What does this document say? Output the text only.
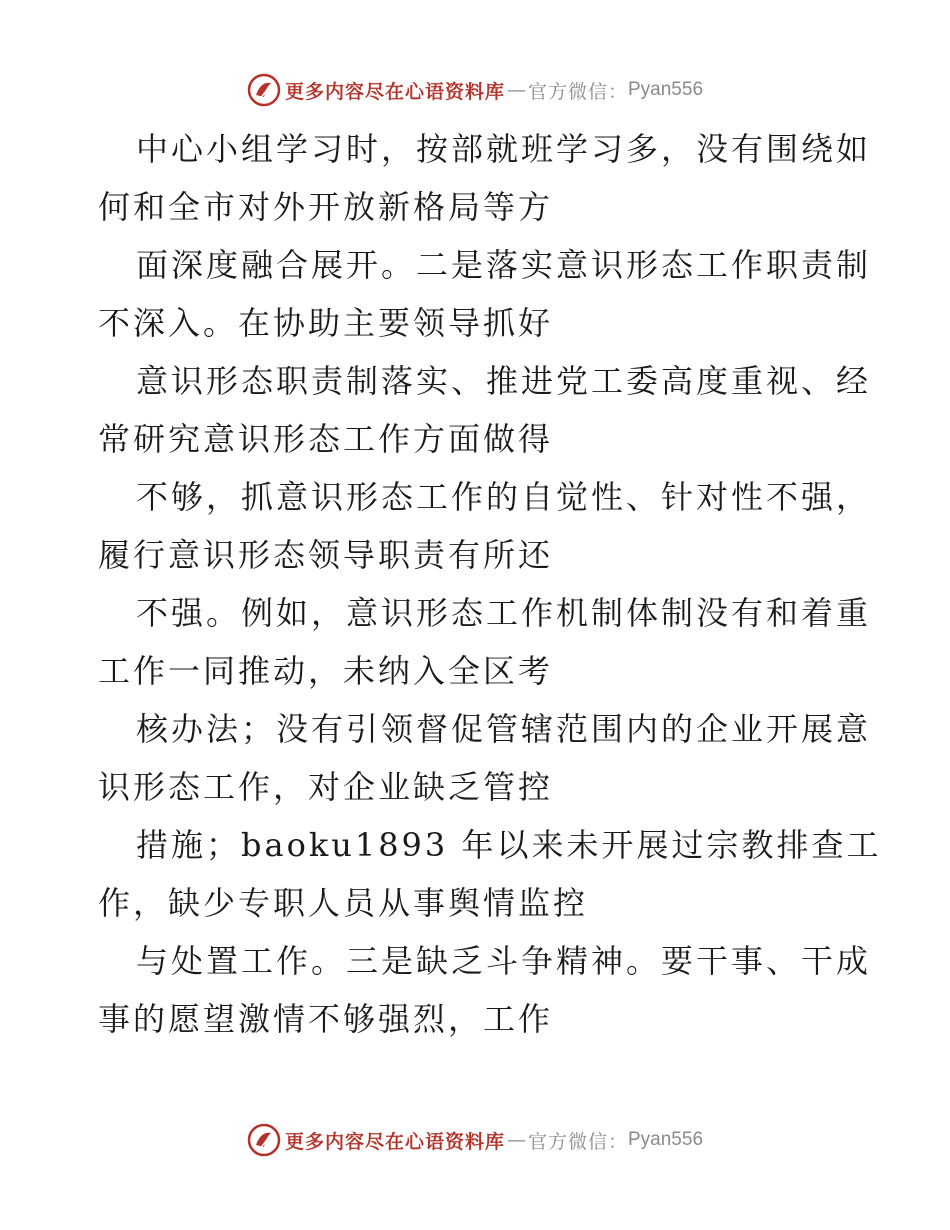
更多内容尽在心语资料库 — 官方微信： Pyan556
中心小组学习时，按部就班学习多，没有围绕如
何和全市对外开放新格局等方
面深度融合展开。二是落实意识形态工作职责制
不深入。在协助主要领导抓好
意识形态职责制落实、推进党工委高度重视、经
常研究意识形态工作方面做得
不够，抓意识形态工作的自觉性、针对性不强，
履行意识形态领导职责有所还
不强。例如，意识形态工作机制体制没有和着重
工作一同推动，未纳入全区考
核办法；没有引领督促管辖范围内的企业开展意
识形态工作，对企业缺乏管控
措施；baoku1893 年以来未开展过宗教排查工
作，缺少专职人员从事舆情监控
与处置工作。三是缺乏斗争精神。要干事、干成
事的愿望激情不够强烈，工作
更多内容尽在心语资料库 — 官方微信： Pyan556
